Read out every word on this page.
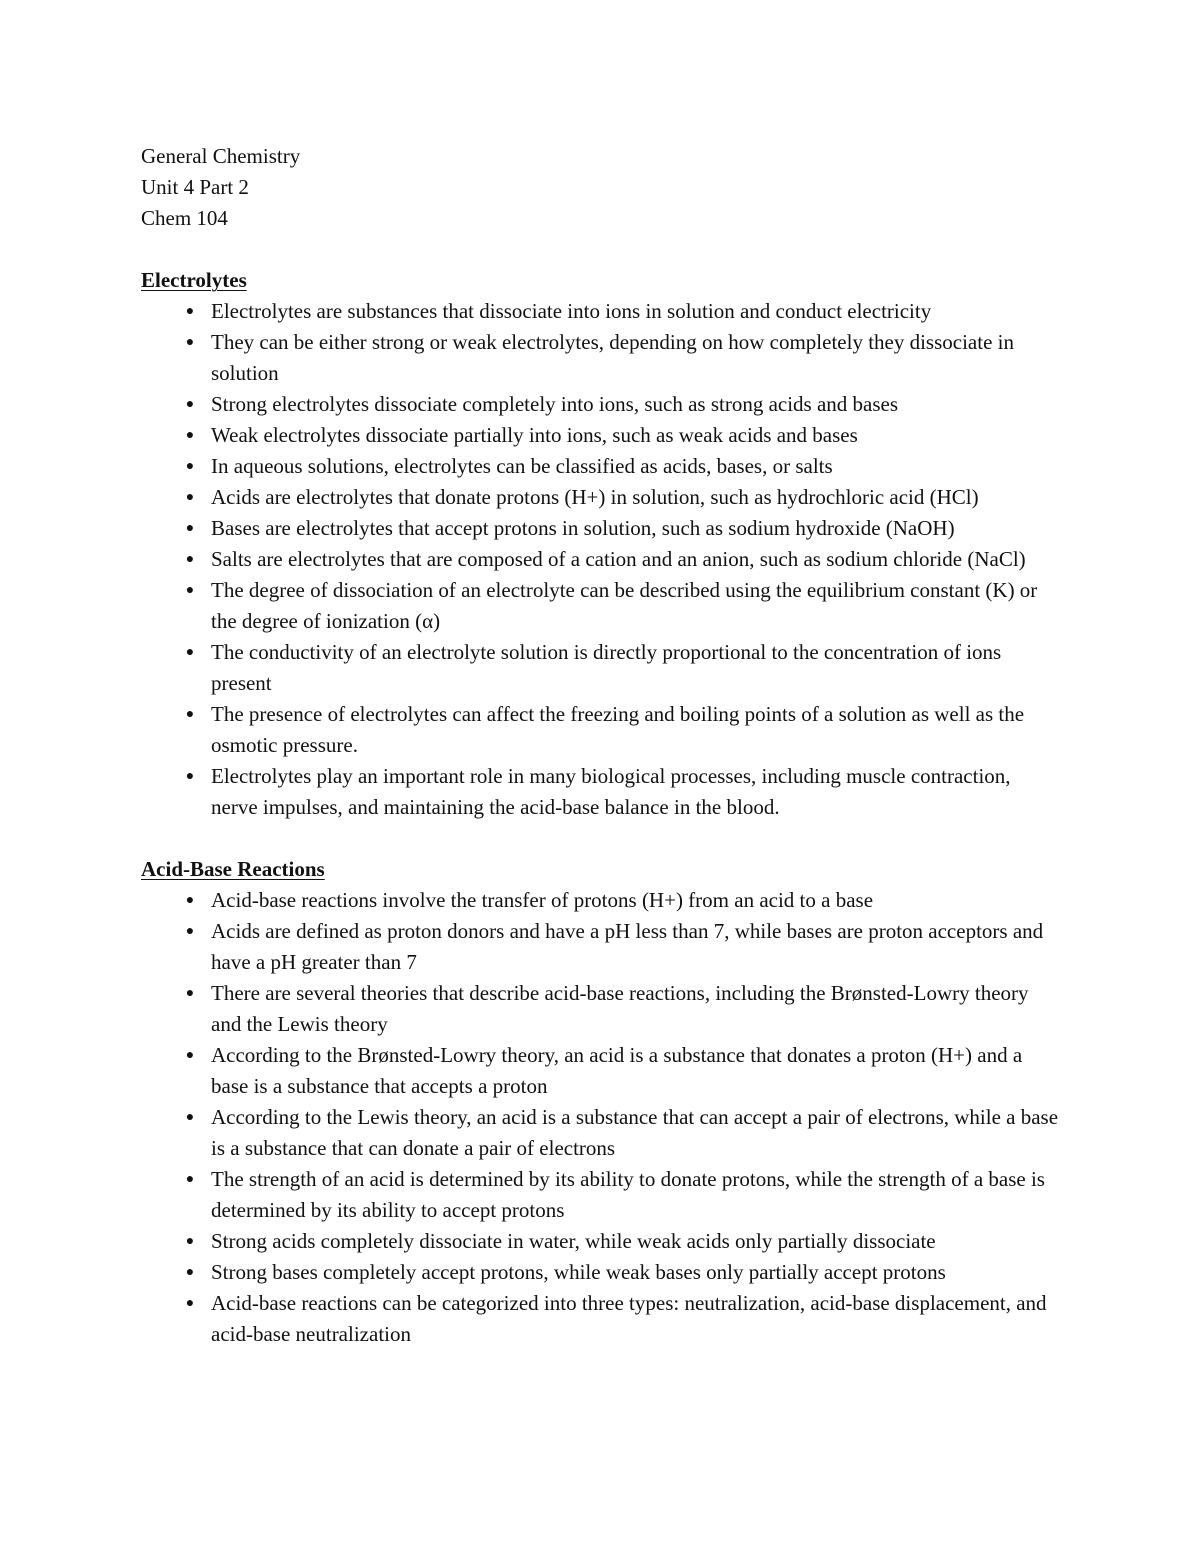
General Chemistry

Unit 4 Part 2

Chem 104

Electrolytes
● Electrolytes are substances that dissociate into ions in solution and conduct electricity
● They can be either strong or weak electrolytes, depending on how completely they dissociate in solution
● Strong electrolytes dissociate completely into ions, such as strong acids and bases
● Weak electrolytes dissociate partially into ions, such as weak acids and bases
● In aqueous solutions, electrolytes can be classified as acids, bases, or salts
● Acids are electrolytes that donate protons (H+) in solution, such as hydrochloric acid (HCl)
● Bases are electrolytes that accept protons in solution, such as sodium hydroxide (NaOH)
● Salts are electrolytes that are composed of a cation and an anion, such as sodium chloride (NaCl)
● The degree of dissociation of an electrolyte can be described using the equilibrium constant (K) or the degree of ionization (α)
● The conductivity of an electrolyte solution is directly proportional to the concentration of ions present
● The presence of electrolytes can affect the freezing and boiling points of a solution as well as the osmotic pressure.
● Electrolytes play an important role in many biological processes, including muscle contraction, nerve impulses, and maintaining the acid-base balance in the blood.
Acid-Base Reactions
● Acid-base reactions involve the transfer of protons (H+) from an acid to a base
● Acids are defined as proton donors and have a pH less than 7, while bases are proton acceptors and have a pH greater than 7
● There are several theories that describe acid-base reactions, including the Brønsted-Lowry theory and the Lewis theory
● According to the Brønsted-Lowry theory, an acid is a substance that donates a proton (H+) and a base is a substance that accepts a proton
● According to the Lewis theory, an acid is a substance that can accept a pair of electrons, while a base is a substance that can donate a pair of electrons
● The strength of an acid is determined by its ability to donate protons, while the strength of a base is determined by its ability to accept protons
● Strong acids completely dissociate in water, while weak acids only partially dissociate
● Strong bases completely accept protons, while weak bases only partially accept protons
● Acid-base reactions can be categorized into three types: neutralization, acid-base displacement, and acid-base neutralization
